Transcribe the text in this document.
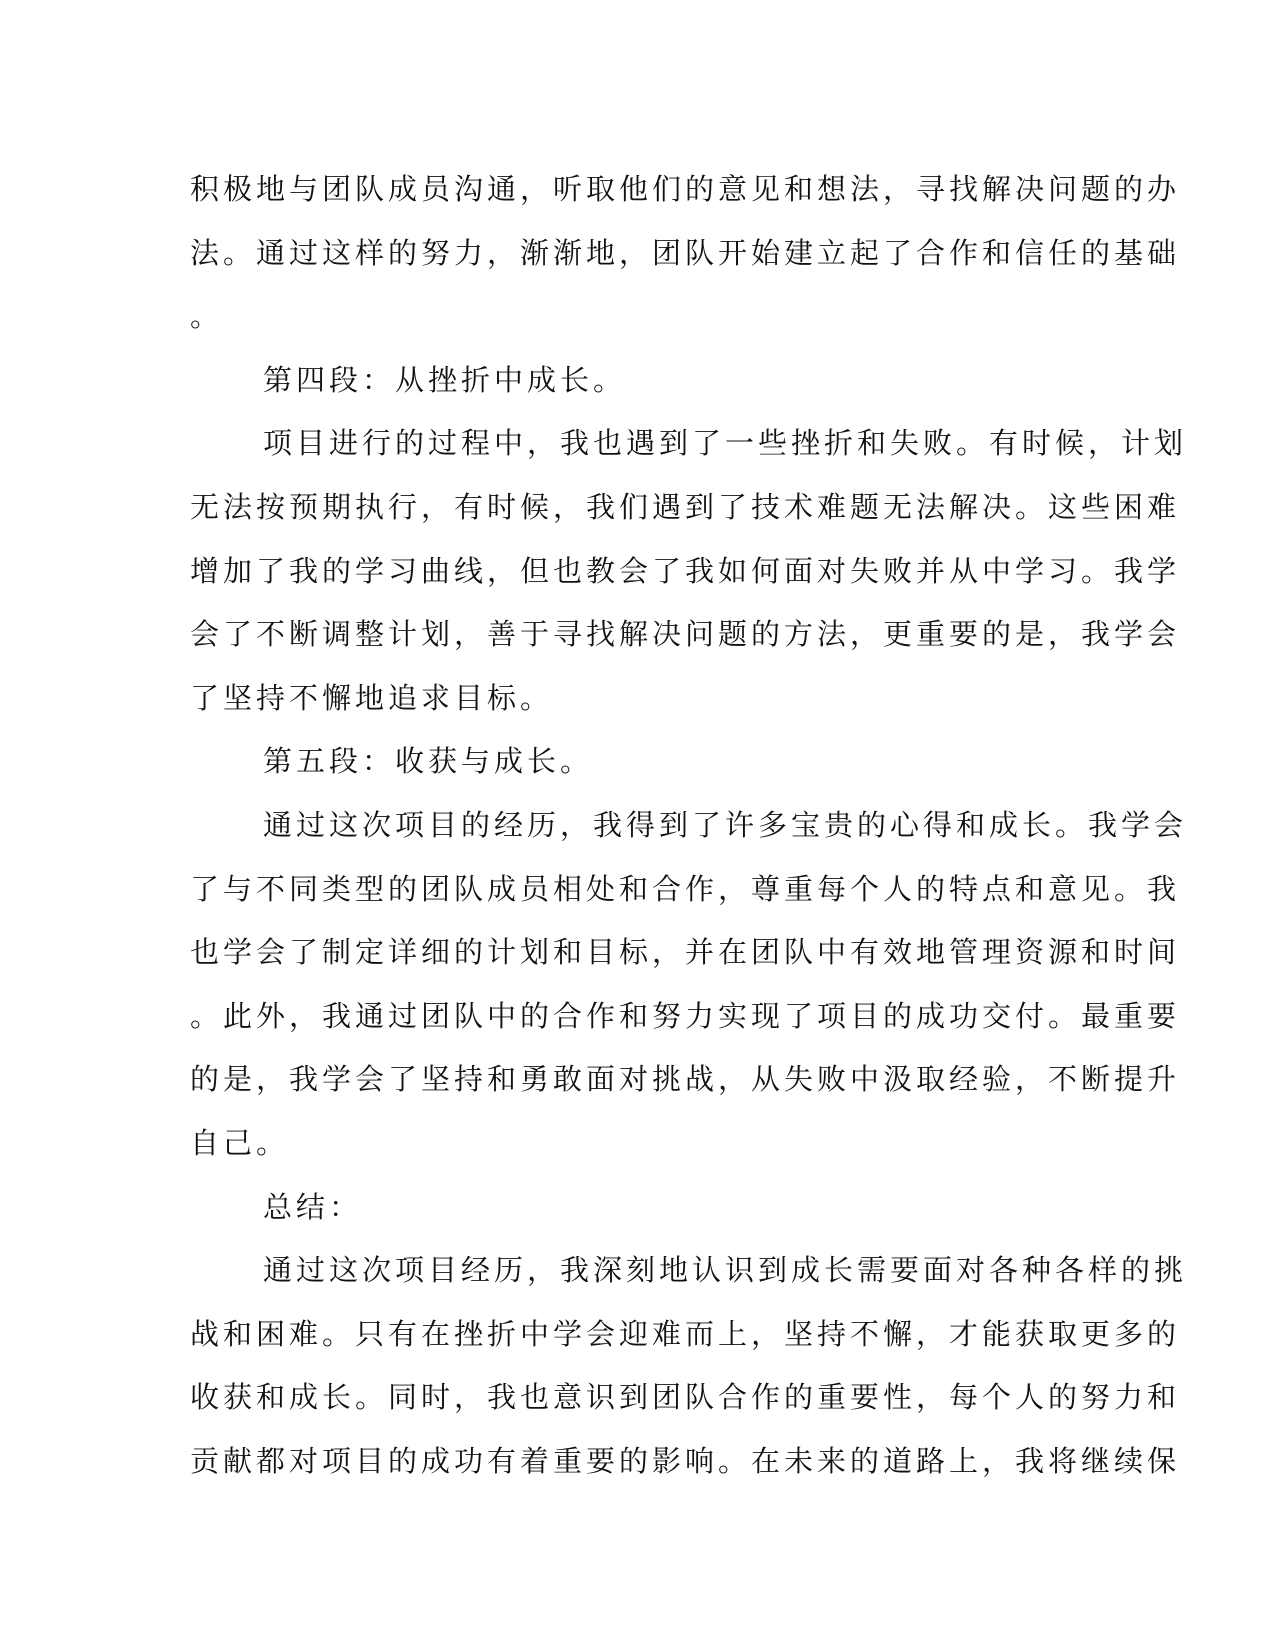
积极地与团队成员沟通，听取他们的意见和想法，寻找解决问题的办
法。通过这样的努力，渐渐地，团队开始建立起了合作和信任的基础
。
第四段：从挫折中成长。
项目进行的过程中，我也遇到了一些挫折和失败。有时候，计划
无法按预期执行，有时候，我们遇到了技术难题无法解决。这些困难
增加了我的学习曲线，但也教会了我如何面对失败并从中学习。我学
会了不断调整计划，善于寻找解决问题的方法，更重要的是，我学会
了坚持不懈地追求目标。
第五段：收获与成长。
通过这次项目的经历，我得到了许多宝贵的心得和成长。我学会
了与不同类型的团队成员相处和合作，尊重每个人的特点和意见。我
也学会了制定详细的计划和目标，并在团队中有效地管理资源和时间
。此外，我通过团队中的合作和努力实现了项目的成功交付。最重要
的是，我学会了坚持和勇敢面对挑战，从失败中汲取经验，不断提升
自己。
总结：
通过这次项目经历，我深刻地认识到成长需要面对各种各样的挑
战和困难。只有在挫折中学会迎难而上，坚持不懈，才能获取更多的
收获和成长。同时，我也意识到团队合作的重要性，每个人的努力和
贡献都对项目的成功有着重要的影响。在未来的道路上，我将继续保
